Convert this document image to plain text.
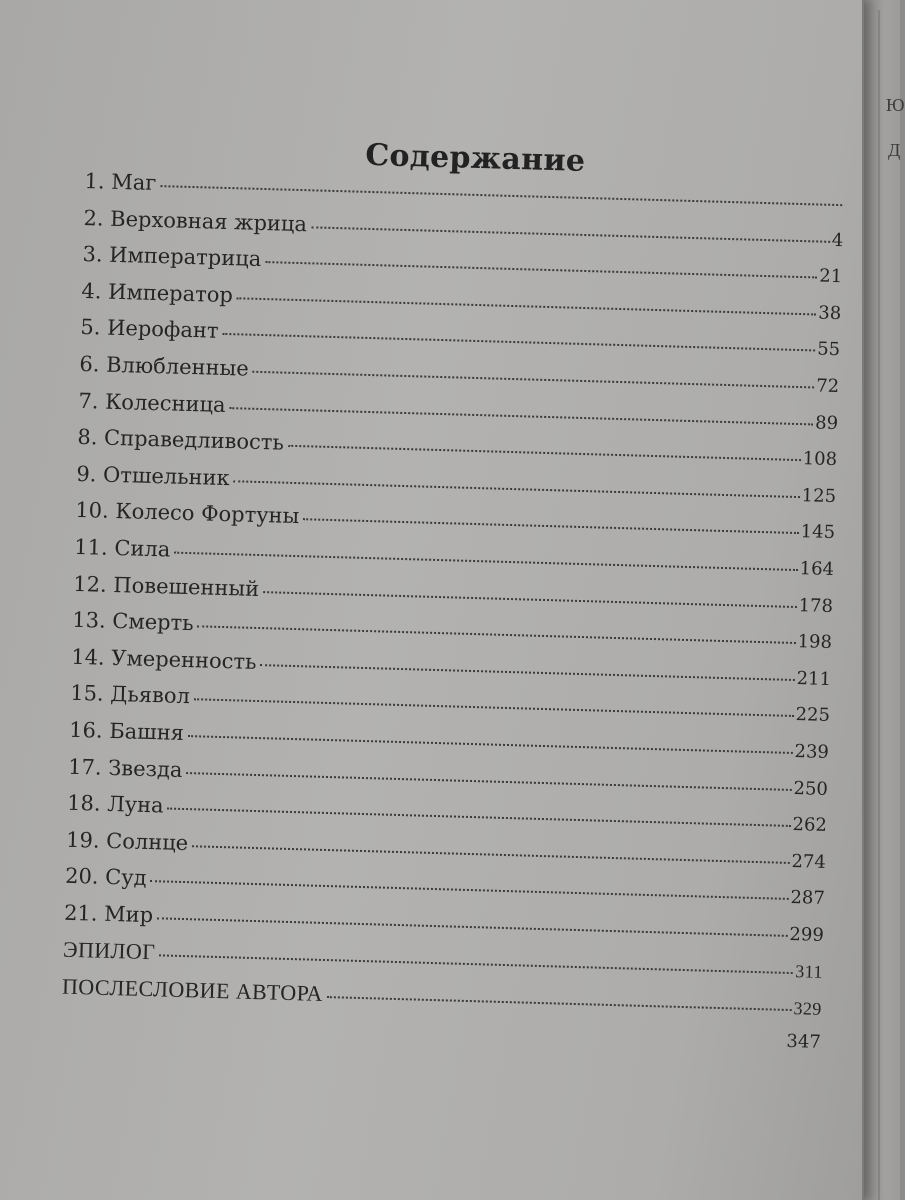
Ю
Д
Содержание
1. Маг
2. Верховная жрица
4
3. Императрица
21
4. Император
38
5. Иерофант
55
6. Влюбленные
72
7. Колесница
89
8. Справедливость
108
9. Отшельник
125
10. Колесо Фортуны
145
11. Сила
164
12. Повешенный
178
13. Смерть
198
14. Умеренность
211
15. Дьявол
225
16. Башня
239
17. Звезда
250
18. Луна
262
19. Солнце
274
20. Суд
287
21. Мир
299
ЭПИЛОГ
311
ПОСЛЕСЛОВИЕ АВТОРА
329
347
